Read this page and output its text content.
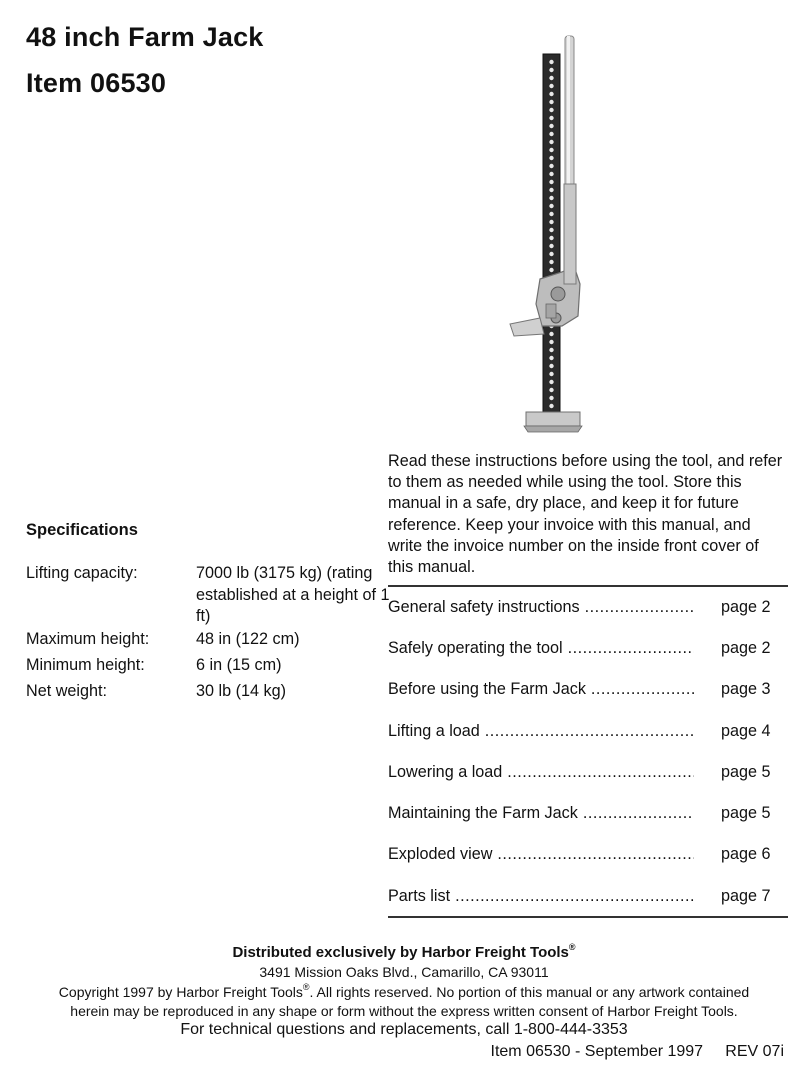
48 inch Farm Jack
Item 06530

Read these instructions before using the tool, and refer to them as needed while using the tool. Store this manual in a safe, dry place, and keep it for future reference. Keep your invoice with this manual, and write the invoice number on the inside front cover of this manual.

Specifications
Lifting capacity:	7000 lb (3175 kg) (rating established at a height of 1 ft)
Maximum height:	48 in (122 cm)
Minimum height:	6 in (15 cm)
Net weight:	30 lb (14 kg)
General safety instructions .....	page 2
Safely operating the tool .....	page 2
Before using the Farm Jack .....	page 3
Lifting a load .....	page 4
Lowering a load .....	page 5
Maintaining the Farm Jack .....	page 5
Exploded view .....	page 6
Parts list .....	page 7

Distributed exclusively by Harbor Freight Tools®

3491 Mission Oaks Blvd., Camarillo, CA 93011

Copyright 1997 by Harbor Freight Tools®. All rights reserved. No portion of this manual or any artwork contained

herein may be reproduced in any shape or form without the express written consent of Harbor Freight Tools.

For technical questions and replacements, call 1-800-444-3353

Item 06530 - September 1997     REV 07i
